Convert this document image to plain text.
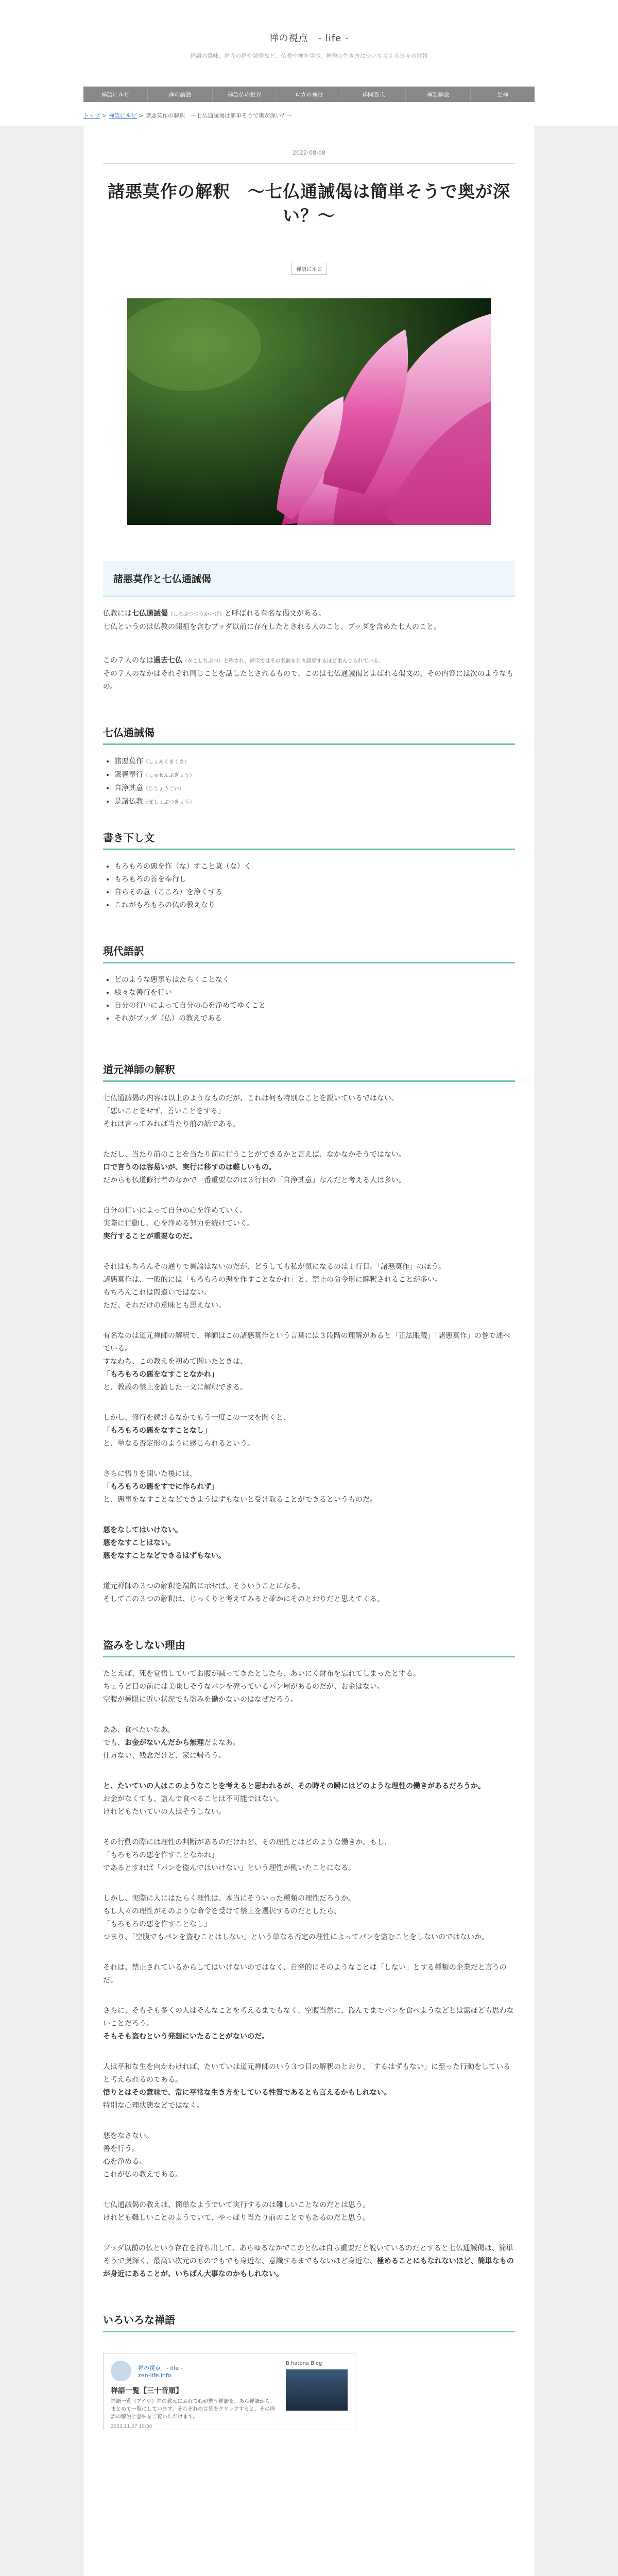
禅の視点　- life -
禅語の意味、禅寺の禅や読経など、仏教や禅を学び、禅僧の生き方について考える日々の情報
禅語にルビ	禅の論話	禅語仏の世界	ロカの禅行	禅問答式	禅語解説	坐禅
トップ > 禅語にルビ > 諸悪莫作の解釈　〜七仏通誡偈は簡単そうで奥が深い？〜
2022-08-08
諸悪莫作の解釈　〜七仏通誡偈は簡単そうで奥が深い？〜
禅語にルビ
諸悪莫作と七仏通誡偈

仏教には七仏通誡偈（しちぶつつうかいげ）と呼ばれる有名な偈文がある。
七仏というのは仏教の開祖を含むブッダ以前に存在したとされる人のこと、ブッダを含めた七人のこと。

この７人のなは過去七仏（かこしちぶつ）と称され、禅宗ではその名前を日々読経するほど重んじられている。
その７人のなかはそれぞれ同じことを話したとされるもので、このは七仏通誡偈とよばれる偈文の、その内容には次のようなもの。

七仏通誡偈
• 諸悪莫作（しょあくまくさ）
• 衆善奉行（しゅぜんぶぎょう）
• 自浄其意（じじょうごい）
• 是諸仏教（ぜしょぶつきょう）
書き下し文
• もろもろの悪を作（な）すこと莫（な）く
• もろもろの善を奉行し
• 自らその意（こころ）を浄くする
• これがもろもろの仏の教えなり
現代語訳
• どのような悪事もはたらくことなく
• 様々な善行を行い
• 自分の行いによって自分の心を浄めてゆくこと
• それがブッダ（仏）の教えである
道元禅師の解釈

七仏通誡偈の内容は以上のようなものだが、これは何も特別なことを説いているではない。
「悪いことをせず、善いことをする」
それは言ってみれば当たり前の話である。

ただし、当たり前のことを当たり前に行うことができるかと言えば、なかなかそうではない。
口で言うのは容易いが、実行に移すのは難しいもの。
だからも仏道修行者のなかで一番重要なのは３行目の「自浄其意」なんだと考える人は多い。

自分の行いによって自分の心を浄めていく。
実際に行動し、心を浄める努力を続けていく。
実行することが重要なのだ。

それはもちろんその通りで異論はないのだが、どうしても私が気になるのは１行目。「諸悪莫作」のほう。
諸悪莫作は、一般的には「もろもろの悪を作すことなかれ」と、禁止の命令形に解釈されることが多い。
もちろんこれは間違いではない。
ただ、それだけの意味とも思えない。

有名なのは道元禅師の解釈で、禅師はこの諸悪莫作という言葉には３段階の理解があると「正法眼蔵」「諸悪莫作」の巻で述べている。
すなわち、この教えを初めて聞いたときは、
「もろもろの悪をなすことなかれ」
と、教義の禁止を諭した一文に解釈できる。

しかし、修行を続けるなかでもう一度この一文を聞くと、
「もろもろの悪をなすことなし」
と、単なる否定形のように感じられるという。

さらに悟りを開いた後には、
「もろもろの悪をすでに作られず」
と、悪事をなすことなどできようはずもないと受け取ることができるというものだ。

悪をなしてはいけない。
悪をなすことはない。
悪をなすことなどできるはずもない。

道元禅師の３つの解釈を端的に示せば、そういうことになる。
そしてこの３つの解釈は、じっくりと考えてみると確かにそのとおりだと思えてくる。

盗みをしない理由

たとえば、死を覚悟していてお腹が減ってきたとしたら、あいにく財布を忘れてしまったとする。
ちょうど目の前には美味しそうなパンを売っているパン屋があるのだが、お金はない。
空腹が極限に近い状況でも盗みを働かないのはなぜだろう。

ああ、食べたいなあ。
でも、お金がないんだから無理だよなあ。
仕方ない、残念だけど、家に帰ろう。

と、たいていの人はこのようなことを考えると思われるが、その時その瞬にはどのような理性の働きがあるだろうか。
お金がなくても、盗んで食べることは不可能ではない。
けれどもたいていの人はそうしない。

その行動の際には理性の判断があるのだけれど、その理性とはどのような働きか。もし、
「もろもろの悪を作すことなかれ」
であるとすれば「パンを盗んではいけない」という理性が働いたことになる。

しかし、実際に人にはたらく理性は、本当にそういった種類の理性だろうか。
もし人々の理性がそのような命令を受けて禁止を選択するのだとしたら、
「もろもろの悪を作すことなし」
つまり、「空腹でもパンを盗むことはしない」という単なる否定の理性によってパンを盗むことをしないのではないか。

それは、禁止されているからしてはいけないのではなく、自発的にそのようなことは「しない」とする種類の企業だと言うのだ。

さらに、そもそも多くの人はそんなことを考えるまでもなく、空腹当然に、盗んでまでパンを食べようなどとは露ほども思わないことだろう。
そもそも盗むという発想にいたることがないのだ。

人は平和な生を向かわければ、たいていは道元禅師のいう３つ目の解釈のとおり、「するはずもない」に至った行動をしていると考えられるのである。
悟りとはその意味で、常に平常な生き方をしている性質であるとも言えるかもしれない。
特別な心理状態などではなく。

悪をなさない。
善を行う。
心を浄める。
これが仏の教えである。

七仏通誡偈の教えは、簡単なようでいて実行するのは難しいことなのだとは思う。
けれども難しいことのようでいて、やっぱり当たり前のことでもあるのだと思う。

ブッダ以前の仏という存在を持ち出して、あらゆるなかでこのと仏は自ら重要だと説いているのだとすると七仏通誡偈は、簡単そうで奥深く、最高い次元のものでもでも身近な、意識するまでもないほど身近な、極めることにもなれないほど、簡単なものが身近にあることが、いちばん大事なのかもしれない。

いろいろな禅語
禅の視点　- life -
zen-life.info
禅語一覧【三十音順】
禅語一覧（アイウ）禅の教えにふれて心が整う禅語を、あら禅語から、まとめて一覧にしています。それぞれの言葉をクリックすると、その禅語の解説と意味をご覧いただけます。
2022.11.27 10:30
B hatena Blog
